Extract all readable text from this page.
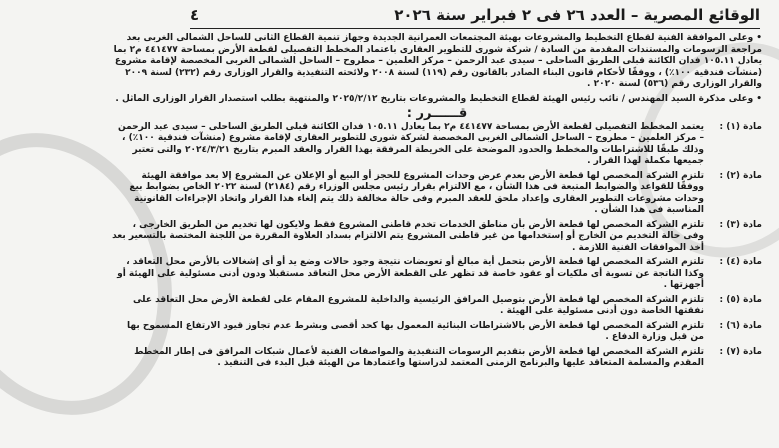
الوقائع المصرية – العدد ٢٦ فى ٢ فبراير سنة ٢٠٢٦
٤

•وعلى الموافقة الفنية لقطاع التخطيط والمشروعات بهيئة المجتمعات العمرانية الجديدة وجهاز تنمية القطاع الثانى للساحل الشمالى الغربى بعد مراجعة الرسومات والمستندات المقدمة من السادة / شركة شورى للتطوير العقارى باعتماد المخطط التفصيلى لقطعة الأرض بمساحة ٤٤١٤٧٧ م٢ بما يعادل ١٠٥.١١ فدان الكائنة قبلى الطريق الساحلى – سيدى عبد الرحمن – مركز العلمين – مطروح – الساحل الشمالى الغربى المخصصة لإقامة مشروع (منشآت فندقية ١٠٠٪) ، ووفقًا لأحكام قانون البناء الصادر بالقانون رقم (١١٩) لسنة ٢٠٠٨ ولائحته التنفيذية والقرار الوزارى رقم (٢٣٢) لسنة ٢٠٠٩ والقرار الوزارى رقم (٥٣٦) لسنة ٢٠٢٠ .

•وعلى مذكرة السيد المهندس / نائب رئيس الهيئة لقطاع التخطيط والمشروعات بتاريخ ٢٠٢٥/٢/١٢ والمنتهية بطلب استصدار القرار الوزارى الماثل .

قــــــرر :
مادة (١) :
يعتمد المخطط التفصيلى لقطعة الأرض بمساحة ٤٤١٤٧٧ م٢ بما يعادل ١٠٥.١١ فدان الكائنة قبلى الطريق الساحلى – سيدى عبد الرحمن – مركز العلمين – مطروح – الساحل الشمالى الغربى المخصصة لشركة شورى للتطوير العقارى لإقامة مشروع (منشآت فندقية ١٠٠٪) ، وذلك طبقًا للاشتراطات والمخطط والحدود الموضحة على الخريطة المرفقة بهذا القرار والعقد المبرم بتاريخ ٢٠٢٤/٣/٢١ والتى تعتبر جميعها مكملة لهذا القرار .
مادة (٢) :
تلتزم الشركة المخصص لها قطعة الأرض بعدم عرض وحدات المشروع للحجز أو البيع أو الإعلان عن المشروع إلا بعد موافقة الهيئة ووفقًا للقواعد والضوابط المتبعة فى هذا الشأن ، مع الالتزام بقرار رئيس مجلس الوزراء رقم (٢١٨٤) لسنة ٢٠٢٢ الخاص بضوابط بيع وحدات مشروعات التطوير العقارى وإعداد ملحق للعقد المبرم وفى حالة مخالفة ذلك يتم إلغاء هذا القرار واتخاذ الإجراءات القانونية المناسبة فى هذا الشأن .
مادة (٣) :
تلتزم الشركة المخصص لها قطعة الأرض بأن مناطق الخدمات تخدم قاطنى المشروع فقط ولايكون لها تخديم من الطريق الخارجى ، وفى حالة التخديم من الخارج أو إستخدامها من غير قاطنى المشروع يتم الالتزام بسداد العلاوة المقررة من اللجنة المختصة بالتسعير بعد أخذ الموافقات الفنية اللازمة .
مادة (٤) :
تلتزم الشركة المخصص لها قطعة الأرض بتحمل أية مبالغ أو تعويضات نتيجة وجود حالات وضع يد أو أى إشغالات بالأرض محل التعاقد ، وكذا الناتجة عن تسوية أى ملكيات أو عقود خاصة قد تظهر على القطعة الأرض محل التعاقد مستقبلا ودون أدنى مسئولية على الهيئة أو أجهزتها .
مادة (٥) :
تلتزم الشركة المخصص لها قطعة الأرض بتوصيل المرافق الرئيسية والداخلية للمشروع المقام على لقطعة الأرض محل التعاقد على نفقتها الخاصة دون أدنى مسئولية على الهيئة .
مادة (٦) :
تلتزم الشركة المخصص لها قطعة الأرض بالاشتراطات البنائية المعمول بها كحد أقصى وبشرط عدم تجاوز قيود الارتفاع المسموح بها من قبل وزارة الدفاع .
مادة (٧) :
تلتزم الشركة المخصص لها قطعة الأرض بتقديم الرسومات التنفيذية والمواصفات الفنية لأعمال شبكات المرافق فى إطار المخطط المقدم والمسلمة المتعاقد عليها والبرنامج الزمنى المعتمد لدراستها واعتمادها من الهيئة قبل البدء فى التنفيذ .
